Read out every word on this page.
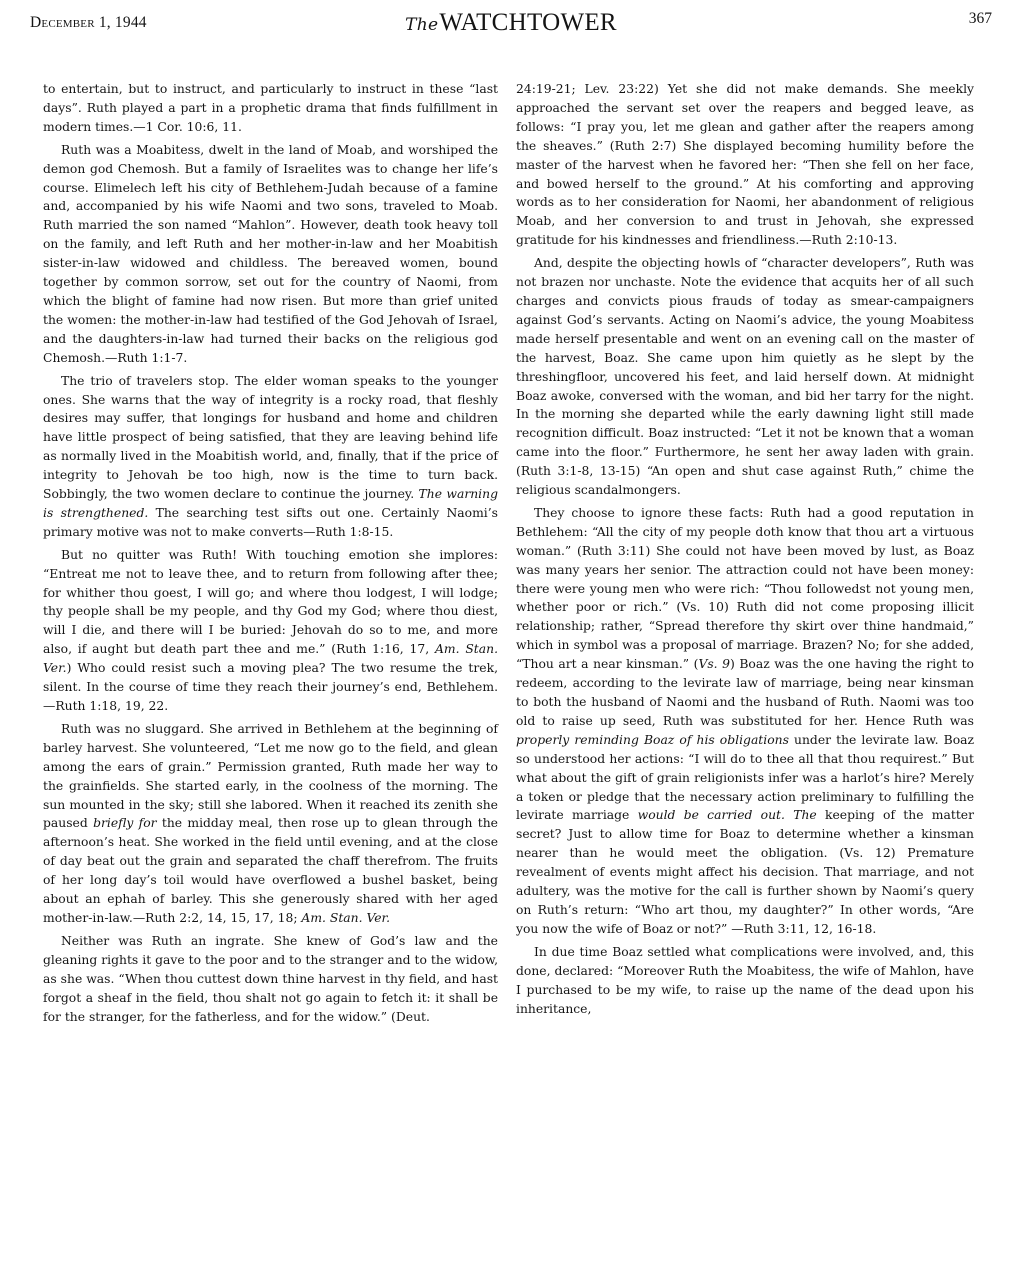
December 1, 1944	TheWATCHTOWER	367

to entertain, but to instruct, and particularly to instruct in these “last days”. Ruth played a part in a prophetic drama that finds fulfillment in modern times.—1 Cor. 10:6, 11.

Ruth was a Moabitess, dwelt in the land of Moab, and worshiped the demon god Chemosh. But a family of Israelites was to change her life’s course. Elimelech left his city of Bethlehem-Judah because of a famine and, accompanied by his wife Naomi and two sons, traveled to Moab. Ruth married the son named “Mahlon”. However, death took heavy toll on the family, and left Ruth and her mother-in-law and her Moabitish sister-in-law widowed and childless. The bereaved women, bound together by common sorrow, set out for the country of Naomi, from which the blight of famine had now risen. But more than grief united the women: the mother-in-law had testified of the God Jehovah of Israel, and the daughters-in-law had turned their backs on the religious god Chemosh.—Ruth 1:1-7.

The trio of travelers stop. The elder woman speaks to the younger ones. She warns that the way of integrity is a rocky road, that fleshly desires may suffer, that longings for husband and home and children have little prospect of being satisfied, that they are leaving behind life as normally lived in the Moabitish world, and, finally, that if the price of integrity to Jehovah be too high, now is the time to turn back. Sobbingly, the two women declare to continue the journey. The warning is strengthened. The searching test sifts out one. Certainly Naomi’s primary motive was not to make converts—Ruth 1:8-15.

But no quitter was Ruth! With touching emotion she implores: “Entreat me not to leave thee, and to return from following after thee; for whither thou goest, I will go; and where thou lodgest, I will lodge; thy people shall be my people, and thy God my God; where thou diest, will I die, and there will I be buried: Jehovah do so to me, and more also, if aught but death part thee and me.” (Ruth 1:16, 17, Am. Stan. Ver.) Who could resist such a moving plea? The two resume the trek, silent. In the course of time they reach their journey’s end, Bethlehem.—Ruth 1:18, 19, 22.

Ruth was no sluggard. She arrived in Bethlehem at the beginning of barley harvest. She volunteered, “Let me now go to the field, and glean among the ears of grain.” Permission granted, Ruth made her way to the grainfields. She started early, in the coolness of the morning. The sun mounted in the sky; still she labored. When it reached its zenith she paused briefly for the midday meal, then rose up to glean through the afternoon’s heat. She worked in the field until evening, and at the close of day beat out the grain and separated the chaff therefrom. The fruits of her long day’s toil would have overflowed a bushel basket, being about an ephah of barley. This she generously shared with her aged mother-in-law.—Ruth 2:2, 14, 15, 17, 18; Am. Stan. Ver.

Neither was Ruth an ingrate. She knew of God’s law and the gleaning rights it gave to the poor and to the stranger and to the widow, as she was. “When thou cuttest down thine harvest in thy field, and hast forgot a sheaf in the field, thou shalt not go again to fetch it: it shall be for the stranger, for the fatherless, and for the widow.” (Deut.

24:19-21; Lev. 23:22) Yet she did not make demands. She meekly approached the servant set over the reapers and begged leave, as follows: “I pray you, let me glean and gather after the reapers among the sheaves.” (Ruth 2:7) She displayed becoming humility before the master of the harvest when he favored her: “Then she fell on her face, and bowed herself to the ground.” At his comforting and approving words as to her consideration for Naomi, her abandonment of religious Moab, and her conversion to and trust in Jehovah, she expressed gratitude for his kindnesses and friendliness.—Ruth 2:10-13.

And, despite the objecting howls of “character developers”, Ruth was not brazen nor unchaste. Note the evidence that acquits her of all such charges and convicts pious frauds of today as smear-campaigners against God’s servants. Acting on Naomi’s advice, the young Moabitess made herself presentable and went on an evening call on the master of the harvest, Boaz. She came upon him quietly as he slept by the threshingfloor, uncovered his feet, and laid herself down. At midnight Boaz awoke, conversed with the woman, and bid her tarry for the night. In the morning she departed while the early dawning light still made recognition difficult. Boaz instructed: “Let it not be known that a woman came into the floor.” Furthermore, he sent her away laden with grain. (Ruth 3:1-8, 13-15) “An open and shut case against Ruth,” chime the religious scandalmongers.

They choose to ignore these facts: Ruth had a good reputation in Bethlehem: “All the city of my people doth know that thou art a virtuous woman.” (Ruth 3:11) She could not have been moved by lust, as Boaz was many years her senior. The attraction could not have been money: there were young men who were rich: “Thou followedst not young men, whether poor or rich.” (Vs. 10) Ruth did not come proposing illicit relationship; rather, “Spread therefore thy skirt over thine handmaid,” which in symbol was a proposal of marriage. Brazen? No; for she added, “Thou art a near kinsman.” (Vs. 9) Boaz was the one having the right to redeem, according to the levirate law of marriage, being near kinsman to both the husband of Naomi and the husband of Ruth. Naomi was too old to raise up seed, Ruth was substituted for her. Hence Ruth was properly reminding Boaz of his obligations under the levirate law. Boaz so understood her actions: “I will do to thee all that thou requirest.” But what about the gift of grain religionists infer was a harlot’s hire? Merely a token or pledge that the necessary action preliminary to fulfilling the levirate marriage would be carried out. The keeping of the matter secret? Just to allow time for Boaz to determine whether a kinsman nearer than he would meet the obligation. (Vs. 12) Premature revealment of events might affect his decision. That marriage, and not adultery, was the motive for the call is further shown by Naomi’s query on Ruth’s return: “Who art thou, my daughter?” In other words, “Are you now the wife of Boaz or not?” —Ruth 3:11, 12, 16-18.

In due time Boaz settled what complications were involved, and, this done, declared: “Moreover Ruth the Moabitess, the wife of Mahlon, have I purchased to be my wife, to raise up the name of the dead upon his inheritance,
